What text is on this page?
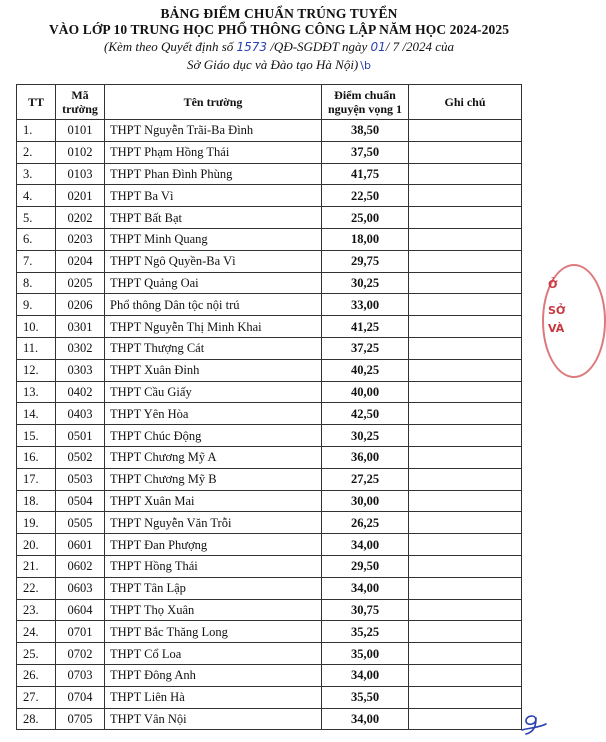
BẢNG ĐIỂM CHUẨN TRÚNG TUYỂN
VÀO LỚP 10 TRUNG HỌC PHỔ THÔNG CÔNG LẬP NĂM HỌC 2024-2025
(Kèm theo Quyết định số 1573 /QĐ-SGDĐT ngày 01/ 7 /2024 của
Sở Giáo dục và Đào tạo Hà Nội) \b
TT	Mã trường	Tên trường	Điểm chuẩn nguyện vọng 1	Ghi chú
1.	0101	THPT Nguyễn Trãi-Ba Đình	38,50	
2.	0102	THPT Phạm Hồng Thái	37,50	
3.	0103	THPT Phan Đình Phùng	41,75	
4.	0201	THPT Ba Vì	22,50	
5.	0202	THPT Bất Bạt	25,00	
6.	0203	THPT Minh Quang	18,00	
7.	0204	THPT Ngô Quyền-Ba Vì	29,75	
8.	0205	THPT Quảng Oai	30,25	
9.	0206	Phổ thông Dân tộc nội trú	33,00	
10.	0301	THPT Nguyễn Thị Minh Khai	41,25	
11.	0302	THPT Thượng Cát	37,25	
12.	0303	THPT Xuân Đỉnh	40,25	
13.	0402	THPT Cầu Giấy	40,00	
14.	0403	THPT Yên Hòa	42,50	
15.	0501	THPT Chúc Động	30,25	
16.	0502	THPT Chương Mỹ A	36,00	
17.	0503	THPT Chương Mỹ B	27,25	
18.	0504	THPT Xuân Mai	30,00	
19.	0505	THPT Nguyễn Văn Trỗi	26,25	
20.	0601	THPT Đan Phượng	34,00	
21.	0602	THPT Hồng Thái	29,50	
22.	0603	THPT Tân Lập	34,00	
23.	0604	THPT Thọ Xuân	30,75	
24.	0701	THPT Bắc Thăng Long	35,25	
25.	0702	THPT Cổ Loa	35,00	
26.	0703	THPT Đông Anh	34,00	
27.	0704	THPT Liên Hà	35,50	
28.	0705	THPT Vân Nội	34,00	
Ở
SỞ
VÀ
